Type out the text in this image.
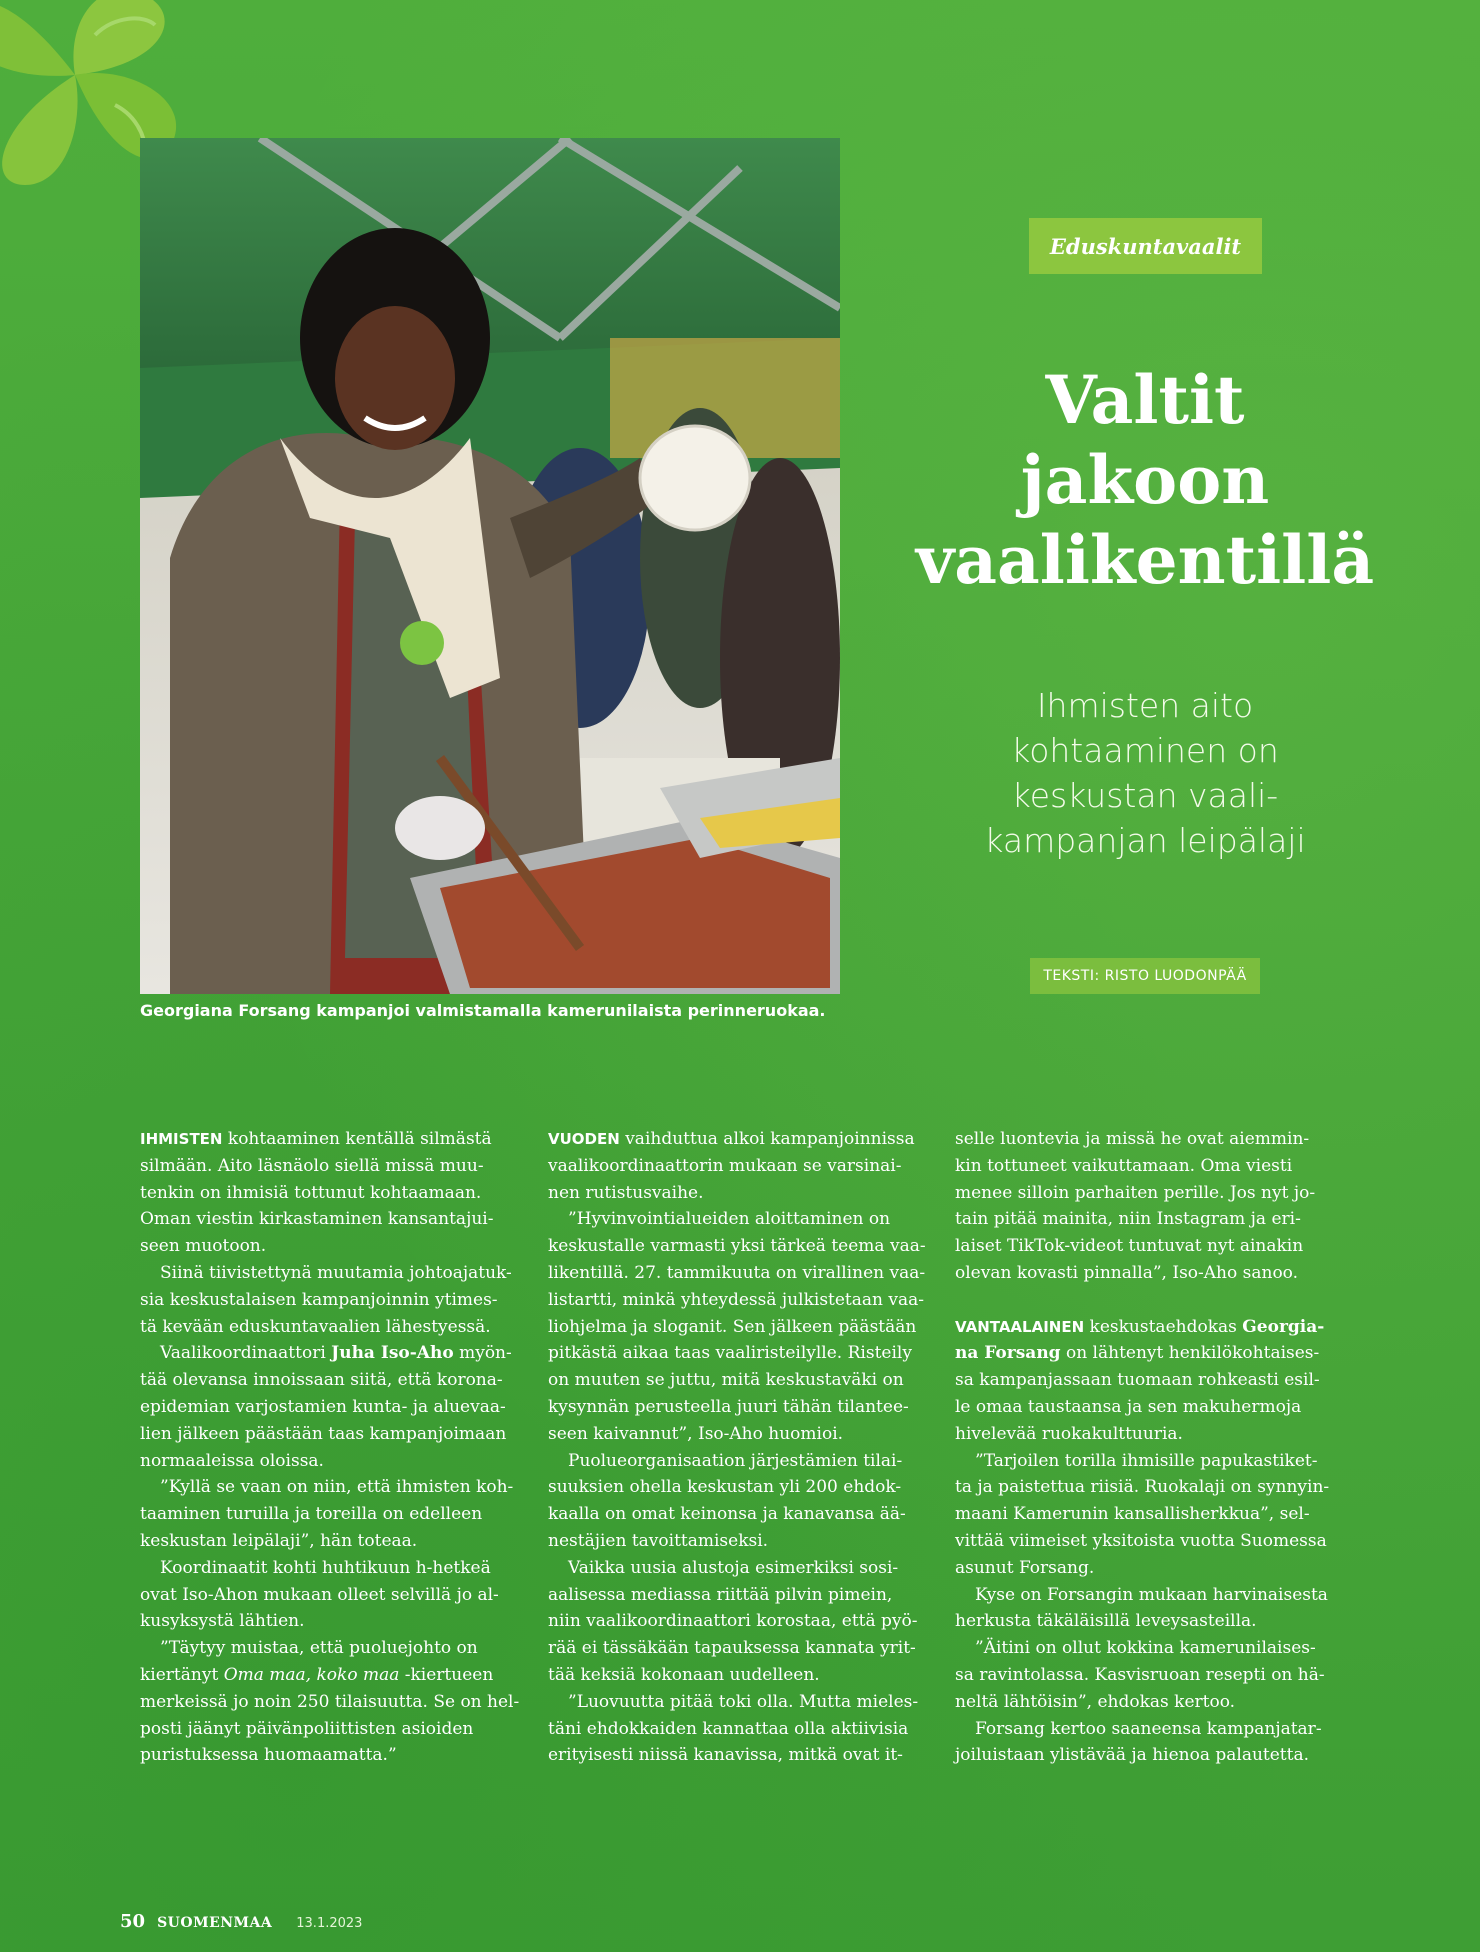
Georgiana Forsang kampanjoi valmistamalla kamerunilaista perinneruokaa.
Eduskuntavaalit
Valtit
jakoon
vaalikentillä
Ihmisten aito
kohtaaminen on
keskustan vaali-
kampanjan leipälaji
TEKSTI: RISTO LUODONPÄÄ
IHMISTEN kohtaaminen kentällä silmästä
silmään. Aito läsnäolo siellä missä muu-
tenkin on ihmisiä tottunut kohtaamaan.
Oman viestin kirkastaminen kansantajui-
seen muotoon.
Siinä tiivistettynä muutamia johtoajatuk-
sia keskustalaisen kampanjoinnin ytimes-
tä kevään eduskuntavaalien lähestyessä.
Vaalikoordinaattori Juha Iso-Aho myön-
tää olevansa innoissaan siitä, että korona-
epidemian varjostamien kunta- ja aluevaa-
lien jälkeen päästään taas kampanjoimaan
normaaleissa oloissa.
”Kyllä se vaan on niin, että ihmisten koh-
taaminen turuilla ja toreilla on edelleen
keskustan leipälaji”, hän toteaa.
Koordinaatit kohti huhtikuun h-hetkeä
ovat Iso-Ahon mukaan olleet selvillä jo al-
kusyksystä lähtien.
”Täytyy muistaa, että puoluejohto on
kiertänyt Oma maa, koko maa -kiertueen
merkeissä jo noin 250 tilaisuutta. Se on hel-
posti jäänyt päivänpoliittisten asioiden
puristuksessa huomaamatta.”
VUODEN vaihduttua alkoi kampanjoinnissa
vaalikoordinaattorin mukaan se varsinai-
nen rutistusvaihe.
”Hyvinvointialueiden aloittaminen on
keskustalle varmasti yksi tärkeä teema vaa-
likentillä. 27. tammikuuta on virallinen vaa-
listartti, minkä yhteydessä julkistetaan vaa-
liohjelma ja sloganit. Sen jälkeen päästään
pitkästä aikaa taas vaaliristeilylle. Risteily
on muuten se juttu, mitä keskustaväki on
kysynnän perusteella juuri tähän tilantee-
seen kaivannut”, Iso-Aho huomioi.
Puolueorganisaation järjestämien tilai-
suuksien ohella keskustan yli 200 ehdok-
kaalla on omat keinonsa ja kanavansa ää-
nestäjien tavoittamiseksi.
Vaikka uusia alustoja esimerkiksi sosi-
aalisessa mediassa riittää pilvin pimein,
niin vaalikoordinaattori korostaa, että pyö-
rää ei tässäkään tapauksessa kannata yrit-
tää keksiä kokonaan uudelleen.
”Luovuutta pitää toki olla. Mutta mieles-
täni ehdokkaiden kannattaa olla aktiivisia
erityisesti niissä kanavissa, mitkä ovat it-
selle luontevia ja missä he ovat aiemmin-
kin tottuneet vaikuttamaan. Oma viesti
menee silloin parhaiten perille. Jos nyt jo-
tain pitää mainita, niin Instagram ja eri-
laiset TikTok-videot tuntuvat nyt ainakin
olevan kovasti pinnalla”, Iso-Aho sanoo.
VANTAALAINEN keskustaehdokas Georgia-
na Forsang on lähtenyt henkilökohtaises-
sa kampanjassaan tuomaan rohkeasti esil-
le omaa taustaansa ja sen makuhermoja
hivelevää ruokakulttuuria.
”Tarjoilen torilla ihmisille papukastiket-
ta ja paistettua riisiä. Ruokalaji on synnyin-
maani Kamerunin kansallisherkkua”, sel-
vittää viimeiset yksitoista vuotta Suomessa
asunut Forsang.
Kyse on Forsangin mukaan harvinaisesta
herkusta täkäläisillä leveysasteilla.
”Äitini on ollut kokkina kamerunilaises-
sa ravintolassa. Kasvisruoan resepti on hä-
neltä lähtöisin”, ehdokas kertoo.
Forsang kertoo saaneensa kampanjatar-
joiluistaan ylistävää ja hienoa palautetta.
50 SUOMENMAA 13.1.2023
